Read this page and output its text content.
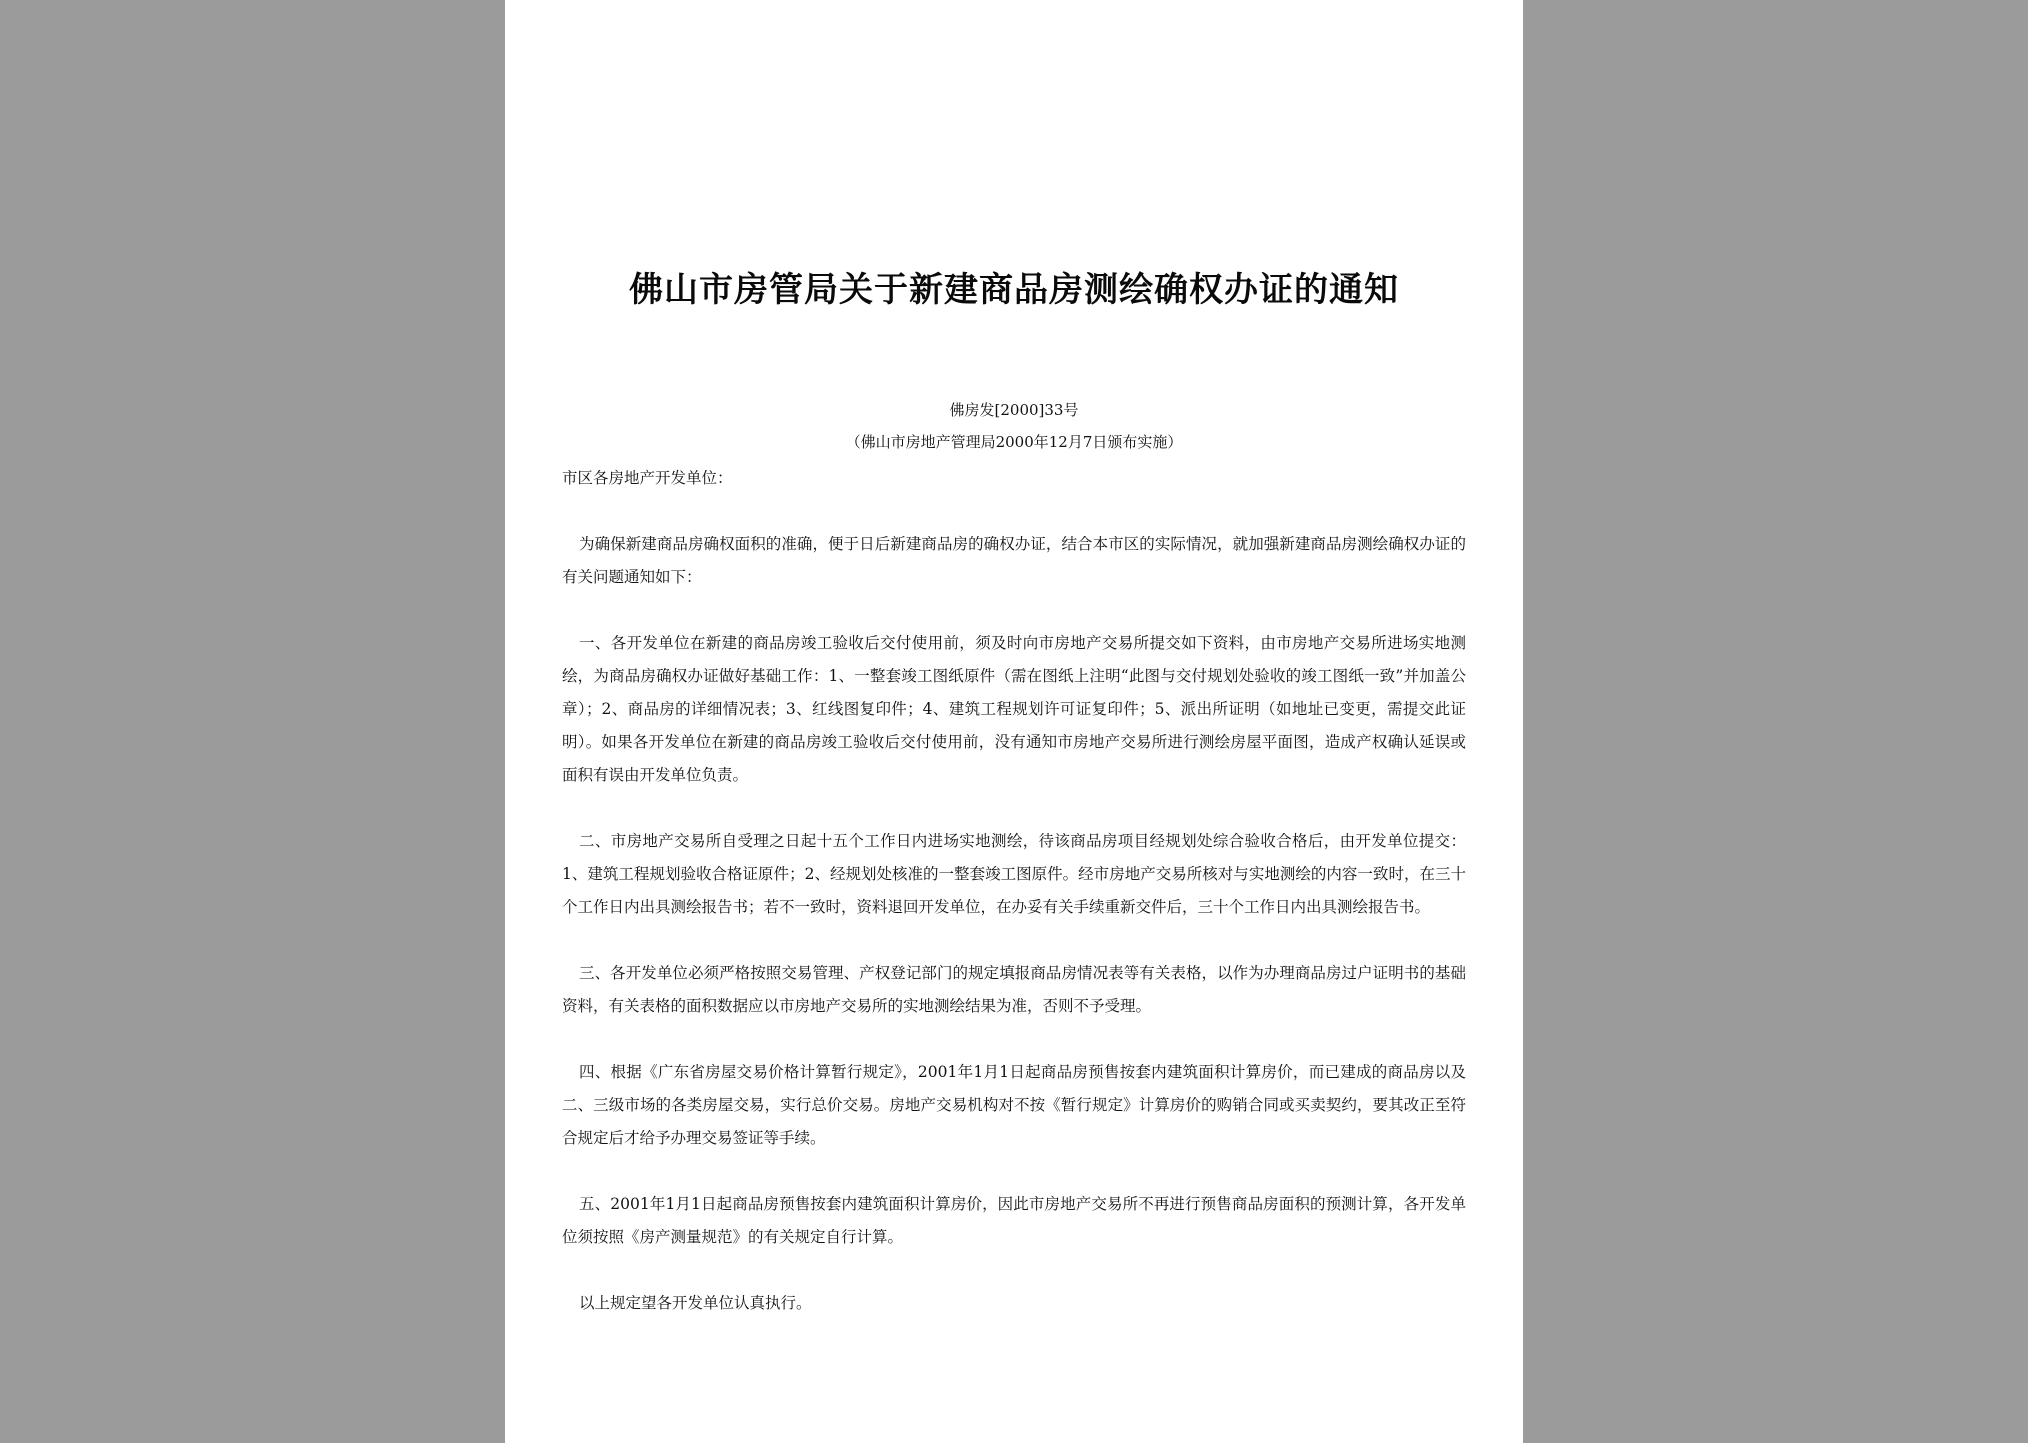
佛山市房管局关于新建商品房测绘确权办证的通知
佛房发[2000]33号
（佛山市房地产管理局2000年12月7日颁布实施）

市区各房地产开发单位：

为确保新建商品房确权面积的准确，便于日后新建商品房的确权办证，结合本市区的实际情况，就加强新建商品房测绘确权办证的有关问题通知如下：

一、各开发单位在新建的商品房竣工验收后交付使用前，须及时向市房地产交易所提交如下资料，由市房地产交易所进场实地测绘，为商品房确权办证做好基础工作：1、一整套竣工图纸原件（需在图纸上注明“此图与交付规划处验收的竣工图纸一致”并加盖公章）；2、商品房的详细情况表；3、红线图复印件；4、建筑工程规划许可证复印件；5、派出所证明（如地址已变更，需提交此证明）。如果各开发单位在新建的商品房竣工验收后交付使用前，没有通知市房地产交易所进行测绘房屋平面图，造成产权确认延误或面积有误由开发单位负责。

二、市房地产交易所自受理之日起十五个工作日内进场实地测绘，待该商品房项目经规划处综合验收合格后，由开发单位提交：1、建筑工程规划验收合格证原件；2、经规划处核准的一整套竣工图原件。经市房地产交易所核对与实地测绘的内容一致时，在三十个工作日内出具测绘报告书；若不一致时，资料退回开发单位，在办妥有关手续重新交件后，三十个工作日内出具测绘报告书。

三、各开发单位必须严格按照交易管理、产权登记部门的规定填报商品房情况表等有关表格，以作为办理商品房过户证明书的基础资料，有关表格的面积数据应以市房地产交易所的实地测绘结果为准，否则不予受理。

四、根据《广东省房屋交易价格计算暂行规定》，2001年1月1日起商品房预售按套内建筑面积计算房价，而已建成的商品房以及二、三级市场的各类房屋交易，实行总价交易。房地产交易机构对不按《暂行规定》计算房价的购销合同或买卖契约，要其改正至符合规定后才给予办理交易签证等手续。

五、2001年1月1日起商品房预售按套内建筑面积计算房价，因此市房地产交易所不再进行预售商品房面积的预测计算，各开发单位须按照《房产测量规范》的有关规定自行计算。

以上规定望各开发单位认真执行。
